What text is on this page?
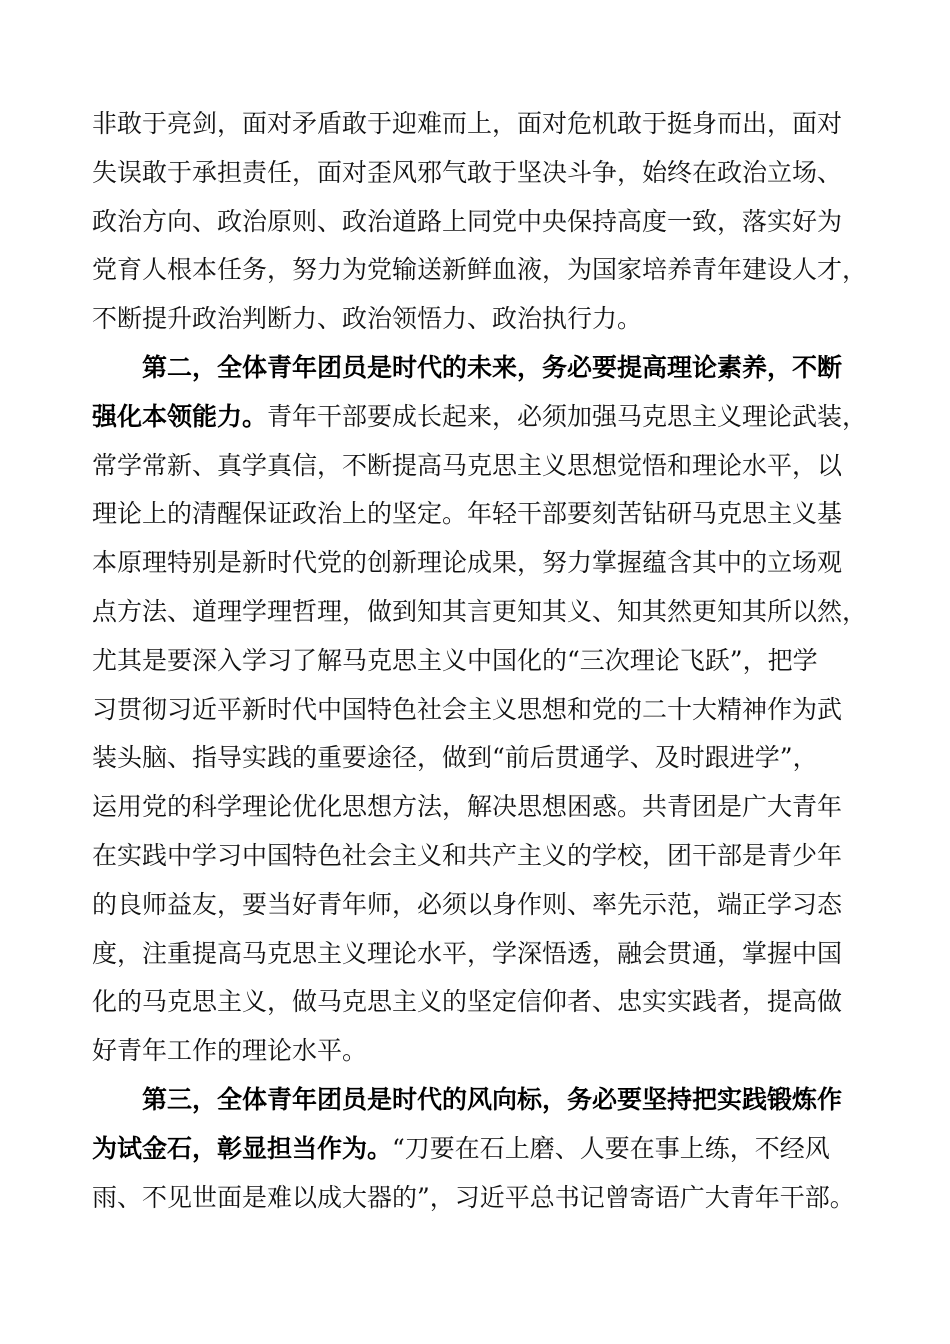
非敢于亮剑，面对矛盾敢于迎难而上，面对危机敢于挺身而出，面对
失误敢于承担责任，面对歪风邪气敢于坚决斗争，始终在政治立场、
政治方向、政治原则、政治道路上同党中央保持高度一致，落实好为
党育人根本任务，努力为党输送新鲜血液，为国家培养青年建设人才，
不断提升政治判断力、政治领悟力、政治执行力。
第二，全体青年团员是时代的未来，务必要提高理论素养，不断
强化本领能力。青年干部要成长起来，必须加强马克思主义理论武装，
常学常新、真学真信，不断提高马克思主义思想觉悟和理论水平，以
理论上的清醒保证政治上的坚定。年轻干部要刻苦钻研马克思主义基
本原理特别是新时代党的创新理论成果，努力掌握蕴含其中的立场观
点方法、道理学理哲理，做到知其言更知其义、知其然更知其所以然，
尤其是要深入学习了解马克思主义中国化的“三次理论飞跃”，把学
习贯彻习近平新时代中国特色社会主义思想和党的二十大精神作为武
装头脑、指导实践的重要途径，做到“前后贯通学、及时跟进学”，
运用党的科学理论优化思想方法，解决思想困惑。共青团是广大青年
在实践中学习中国特色社会主义和共产主义的学校，团干部是青少年
的良师益友，要当好青年师，必须以身作则、率先示范，端正学习态
度，注重提高马克思主义理论水平，学深悟透，融会贯通，掌握中国
化的马克思主义，做马克思主义的坚定信仰者、忠实实践者，提高做
好青年工作的理论水平。
第三，全体青年团员是时代的风向标，务必要坚持把实践锻炼作
为试金石，彰显担当作为。“刀要在石上磨、人要在事上练，不经风
雨、不见世面是难以成大器的”，习近平总书记曾寄语广大青年干部。
